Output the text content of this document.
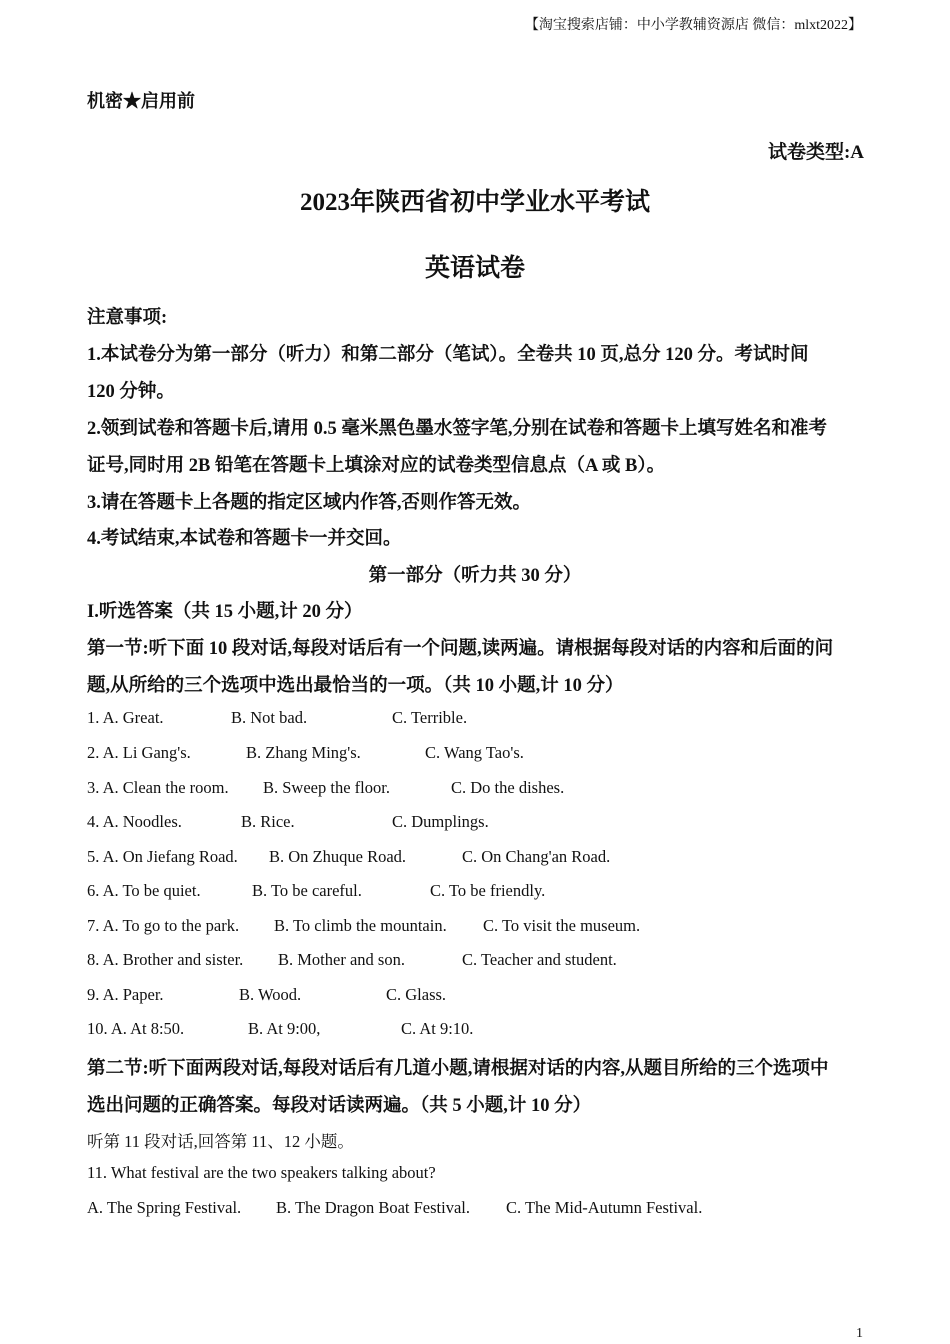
【淘宝搜索店铺：中小学教辅资源店 微信：mlxt2022】
机密★启用前
试卷类型:A
2023年陕西省初中学业水平考试
英语试卷
注意事项:
1.本试卷分为第一部分（听力）和第二部分（笔试）。全卷共 10 页,总分 120 分。考试时间
120 分钟。
2.领到试卷和答题卡后,请用 0.5 毫米黑色墨水签字笔,分别在试卷和答题卡上填写姓名和准考
证号,同时用 2B 铅笔在答题卡上填涂对应的试卷类型信息点（A 或 B）。
3.请在答题卡上各题的指定区域内作答,否则作答无效。
4.考试结束,本试卷和答题卡一并交回。
第一部分（听力共 30 分）
I.听选答案（共 15 小题,计 20 分）
第一节:听下面 10 段对话,每段对话后有一个问题,读两遍。请根据每段对话的内容和后面的问
题,从所给的三个选项中选出最恰当的一项。（共 10 小题,计 10 分）
1. A. Great.	B. Not bad.	C. Terrible.
2. A. Li Gang's.	B. Zhang Ming's.	C. Wang Tao's.
3. A. Clean the room. B. Sweep the floor.	C. Do the dishes.
4. A. Noodles.	B. Rice.	C. Dumplings.
5. A. On Jiefang Road. B. On Zhuque Road.	C. On Chang'an Road.
6. A. To be quiet.	B. To be careful.	C. To be friendly.
7. A. To go to the park. B. To climb the mountain. C. To visit the museum.
8. A. Brother and sister. B. Mother and son.	C. Teacher and student.
9. A. Paper.	B. Wood.	C. Glass.
10. A. At 8:50.	B. At 9:00,	C. At 9:10.
第二节:听下面两段对话,每段对话后有几道小题,请根据对话的内容,从题目所给的三个选项中
选出问题的正确答案。每段对话读两遍。（共 5 小题,计 10 分）
听第 11 段对话,回答第 11、12 小题。
11. What festival are the two speakers talking about?
A. The Spring Festival. B. The Dragon Boat Festival. C. The Mid-Autumn Festival.
1
